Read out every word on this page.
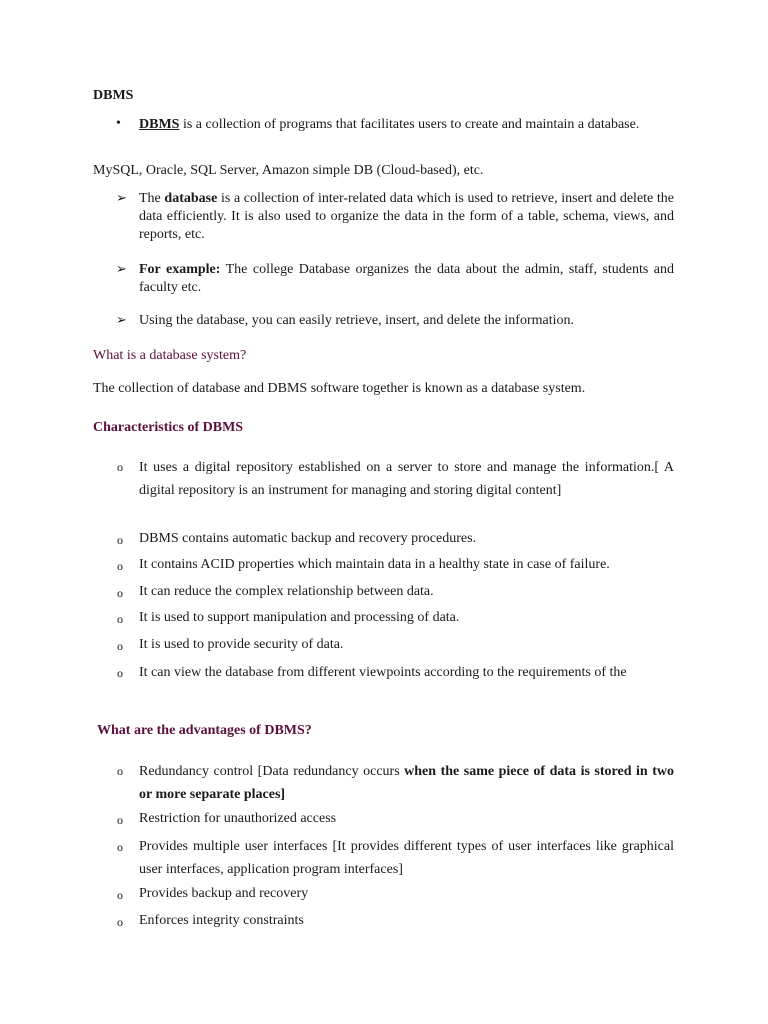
DBMS
• DBMS is a collection of programs that facilitates users to create and maintain a database.
MySQL, Oracle, SQL Server, Amazon simple DB (Cloud-based), etc.
➢ The database is a collection of inter-related data which is used to retrieve, insert and delete the data efficiently. It is also used to organize the data in the form of a table, schema, views, and reports, etc.
➢ For example: The college Database organizes the data about the admin, staff, students and faculty etc.
➢ Using the database, you can easily retrieve, insert, and delete the information.
What is a database system?
The collection of database and DBMS software together is known as a database system.
Characteristics of DBMS
o It uses a digital repository established on a server to store and manage the information.[ A digital repository is an instrument for managing and storing digital content]
o DBMS contains automatic backup and recovery procedures.
o It contains ACID properties which maintain data in a healthy state in case of failure.
o It can reduce the complex relationship between data.
o It is used to support manipulation and processing of data.
o It is used to provide security of data.
o It can view the database from different viewpoints according to the requirements of the
What are the advantages of DBMS?
o Redundancy control [Data redundancy occurs when the same piece of data is stored in two or more separate places]
o Restriction for unauthorized access
o Provides multiple user interfaces [It provides different types of user interfaces like graphical user interfaces, application program interfaces]
o Provides backup and recovery
o Enforces integrity constraints
